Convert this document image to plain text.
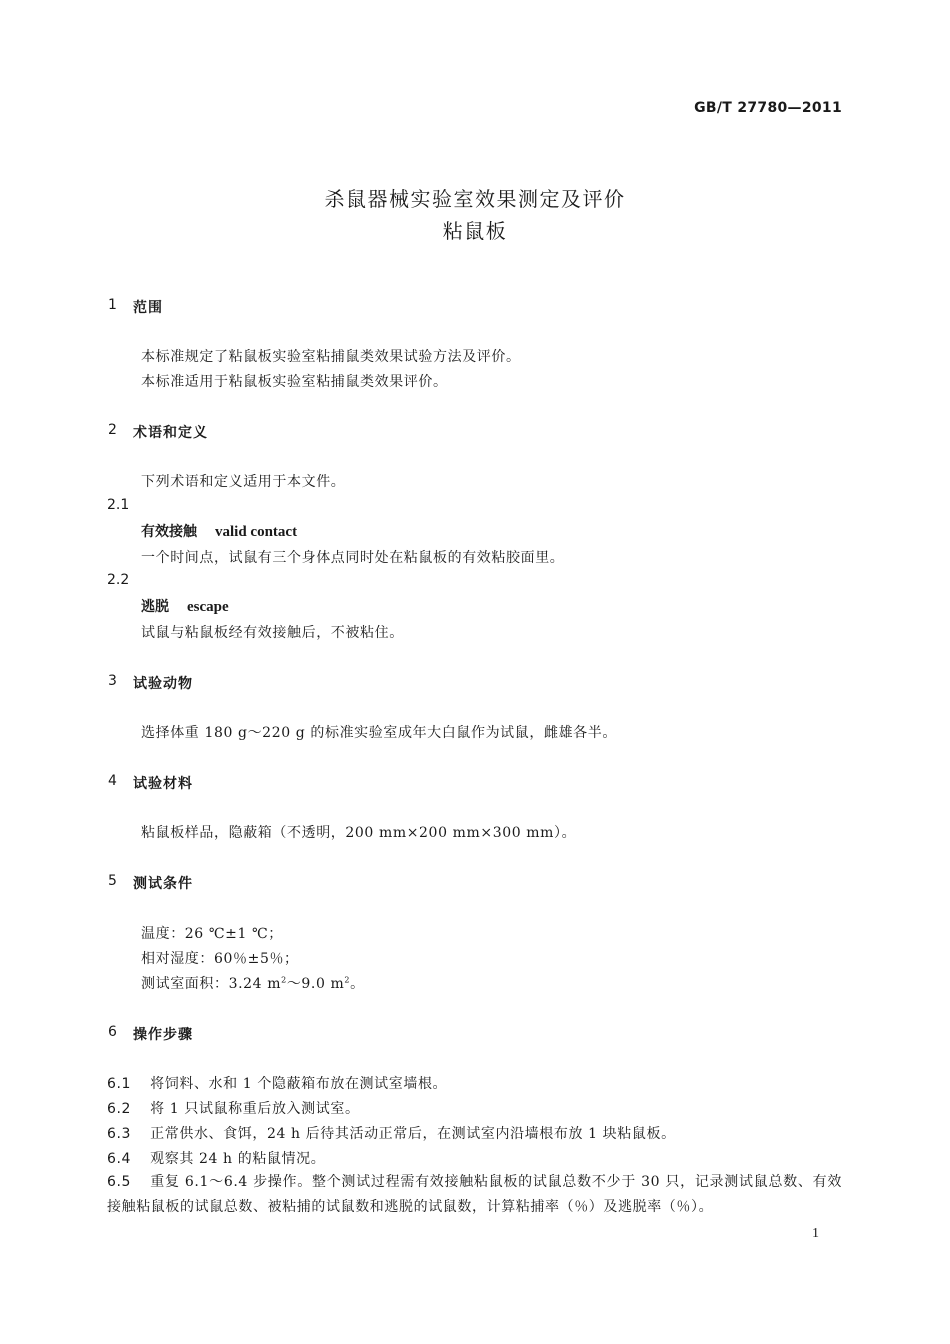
GB/T 27780—2011
杀鼠器械实验室效果测定及评价
粘鼠板
1 范围
本标准规定了粘鼠板实验室粘捕鼠类效果试验方法及评价。
本标准适用于粘鼠板实验室粘捕鼠类效果评价。
2 术语和定义
下列术语和定义适用于本文件。
2.1
有效接触 valid contact
一个时间点，试鼠有三个身体点同时处在粘鼠板的有效粘胶面里。
2.2
逃脱 escape
试鼠与粘鼠板经有效接触后，不被粘住。
3 试验动物
选择体重 180 g～220 g 的标准实验室成年大白鼠作为试鼠，雌雄各半。
4 试验材料
粘鼠板样品，隐蔽箱（不透明，200 mm×200 mm×300 mm）。
5 测试条件
温度：26 ℃±1 ℃；
相对湿度：60％±5％；
测试室面积：3.24 $m^2\sim 9.0$ $m^2$。
6 操作步骤
6.1 将饲料、水和 1 个隐蔽箱布放在测试室墙根。
6.2 将 1 只试鼠称重后放入测试室。
6.3 正常供水、食饵，24 h 后待其活动正常后，在测试室内沿墙根布放 1 块粘鼠板。
6.4 观察其 24 h 的粘鼠情况。
6.5 重复 6.1～6.4 步操作。整个测试过程需有效接触粘鼠板的试鼠总数不少于 30 只，记录测试鼠总数、有效接触粘鼠板的试鼠总数、被粘捕的试鼠数和逃脱的试鼠数，计算粘捕率（％）及逃脱率（％）。
1
